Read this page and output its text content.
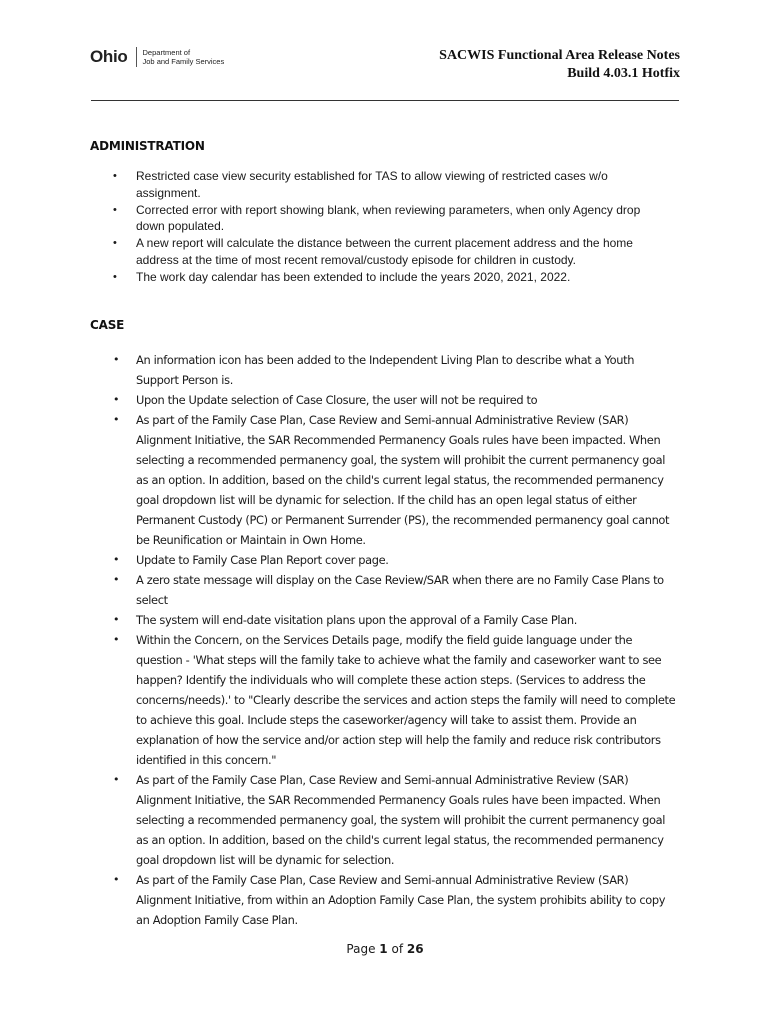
Ohio	Department of
Job and Family Services	SACWIS Functional Area Release Notes
Build 4.03.1 Hotfix
ADMINISTRATION
• Restricted case view security established for TAS to allow viewing of restricted cases w/o assignment.
• Corrected error with report showing blank, when reviewing parameters, when only Agency drop down populated.
• A new report will calculate the distance between the current placement address and the home address at the time of most recent removal/custody episode for children in custody.
• The work day calendar has been extended to include the years 2020, 2021, 2022.
CASE
• An information icon has been added to the Independent Living Plan to describe what a Youth Support Person is.
• Upon the Update selection of Case Closure, the user will not be required to
• As part of the Family Case Plan, Case Review and Semi-annual Administrative Review (SAR) Alignment Initiative, the SAR Recommended Permanency Goals rules have been impacted. When selecting a recommended permanency goal, the system will prohibit the current permanency goal as an option. In addition, based on the child's current legal status, the recommended permanency goal dropdown list will be dynamic for selection. If the child has an open legal status of either Permanent Custody (PC) or Permanent Surrender (PS), the recommended permanency goal cannot be Reunification or Maintain in Own Home.
• Update to Family Case Plan Report cover page.
• A zero state message will display on the Case Review/SAR when there are no Family Case Plans to select
• The system will end-date visitation plans upon the approval of a Family Case Plan.
• Within the Concern, on the Services Details page, modify the field guide language under the question - 'What steps will the family take to achieve what the family and caseworker want to see happen? Identify the individuals who will complete these action steps. (Services to address the concerns/needs).' to "Clearly describe the services and action steps the family will need to complete to achieve this goal. Include steps the caseworker/agency will take to assist them. Provide an explanation of how the service and/or action step will help the family and reduce risk contributors identified in this concern."
• As part of the Family Case Plan, Case Review and Semi-annual Administrative Review (SAR) Alignment Initiative, the SAR Recommended Permanency Goals rules have been impacted. When selecting a recommended permanency goal, the system will prohibit the current permanency goal as an option. In addition, based on the child's current legal status, the recommended permanency goal dropdown list will be dynamic for selection.
• As part of the Family Case Plan, Case Review and Semi-annual Administrative Review (SAR) Alignment Initiative, from within an Adoption Family Case Plan, the system prohibits ability to copy an Adoption Family Case Plan.
Page 1 of 26
